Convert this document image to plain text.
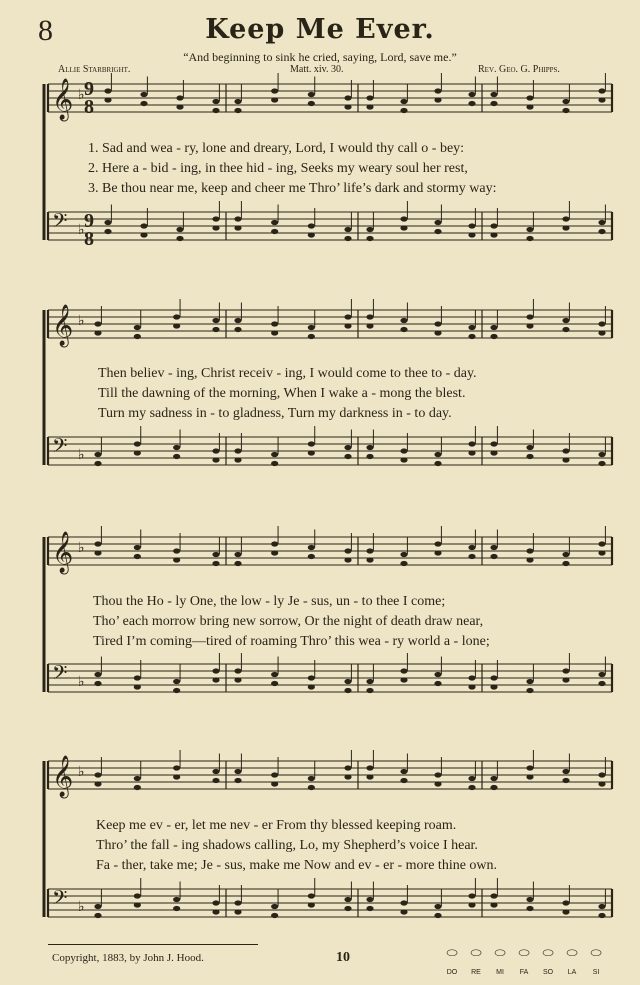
8	Keep Me Ever.
“And beginning to sink he cried, saying, Lord, save me.”
Allie Starbright.	Matt. xiv. 30.	Rev. Geo. G. Phipps.
𝄞 ♭
𝄢 ♭
𝄞 ♭
𝄢 ♭
𝄞 ♭
𝄢 ♭
𝄞 ♭
𝄢 ♭
9
8
9
8
1. Sad and wea - ry, lone and dreary, Lord, I would thy call o - bey:
2. Here a - bid - ing, in thee hid - ing, Seeks my weary soul her rest,
3. Be thou near me, keep and cheer me Thro’ life’s dark and stormy way:
Then believ - ing, Christ receiv - ing, I would come to thee to - day.
Till the dawning of the morning, When I wake a - mong the blest.
Turn my sadness in - to gladness, Turn my darkness in - to day.
Thou the Ho - ly One, the low - ly Je - sus, un - to thee I come;
Tho’ each morrow bring new sorrow, Or the night of death draw near,
Tired I’m coming—tired of roaming Thro’ this wea - ry world a - lone;
Keep me ev - er, let me nev - er From thy blessed keeping roam.
Thro’ the fall - ing shadows calling, Lo, my Shepherd’s voice I hear.
Fa - ther, take me; Je - sus, make me Now and ev - er - more thine own.
Copyright, 1883, by John J. Hood.	10	⬭ ⬭ ⬭ ⬭ ⬭ ⬭ ⬭
DO RE MI FA SO LA SI
